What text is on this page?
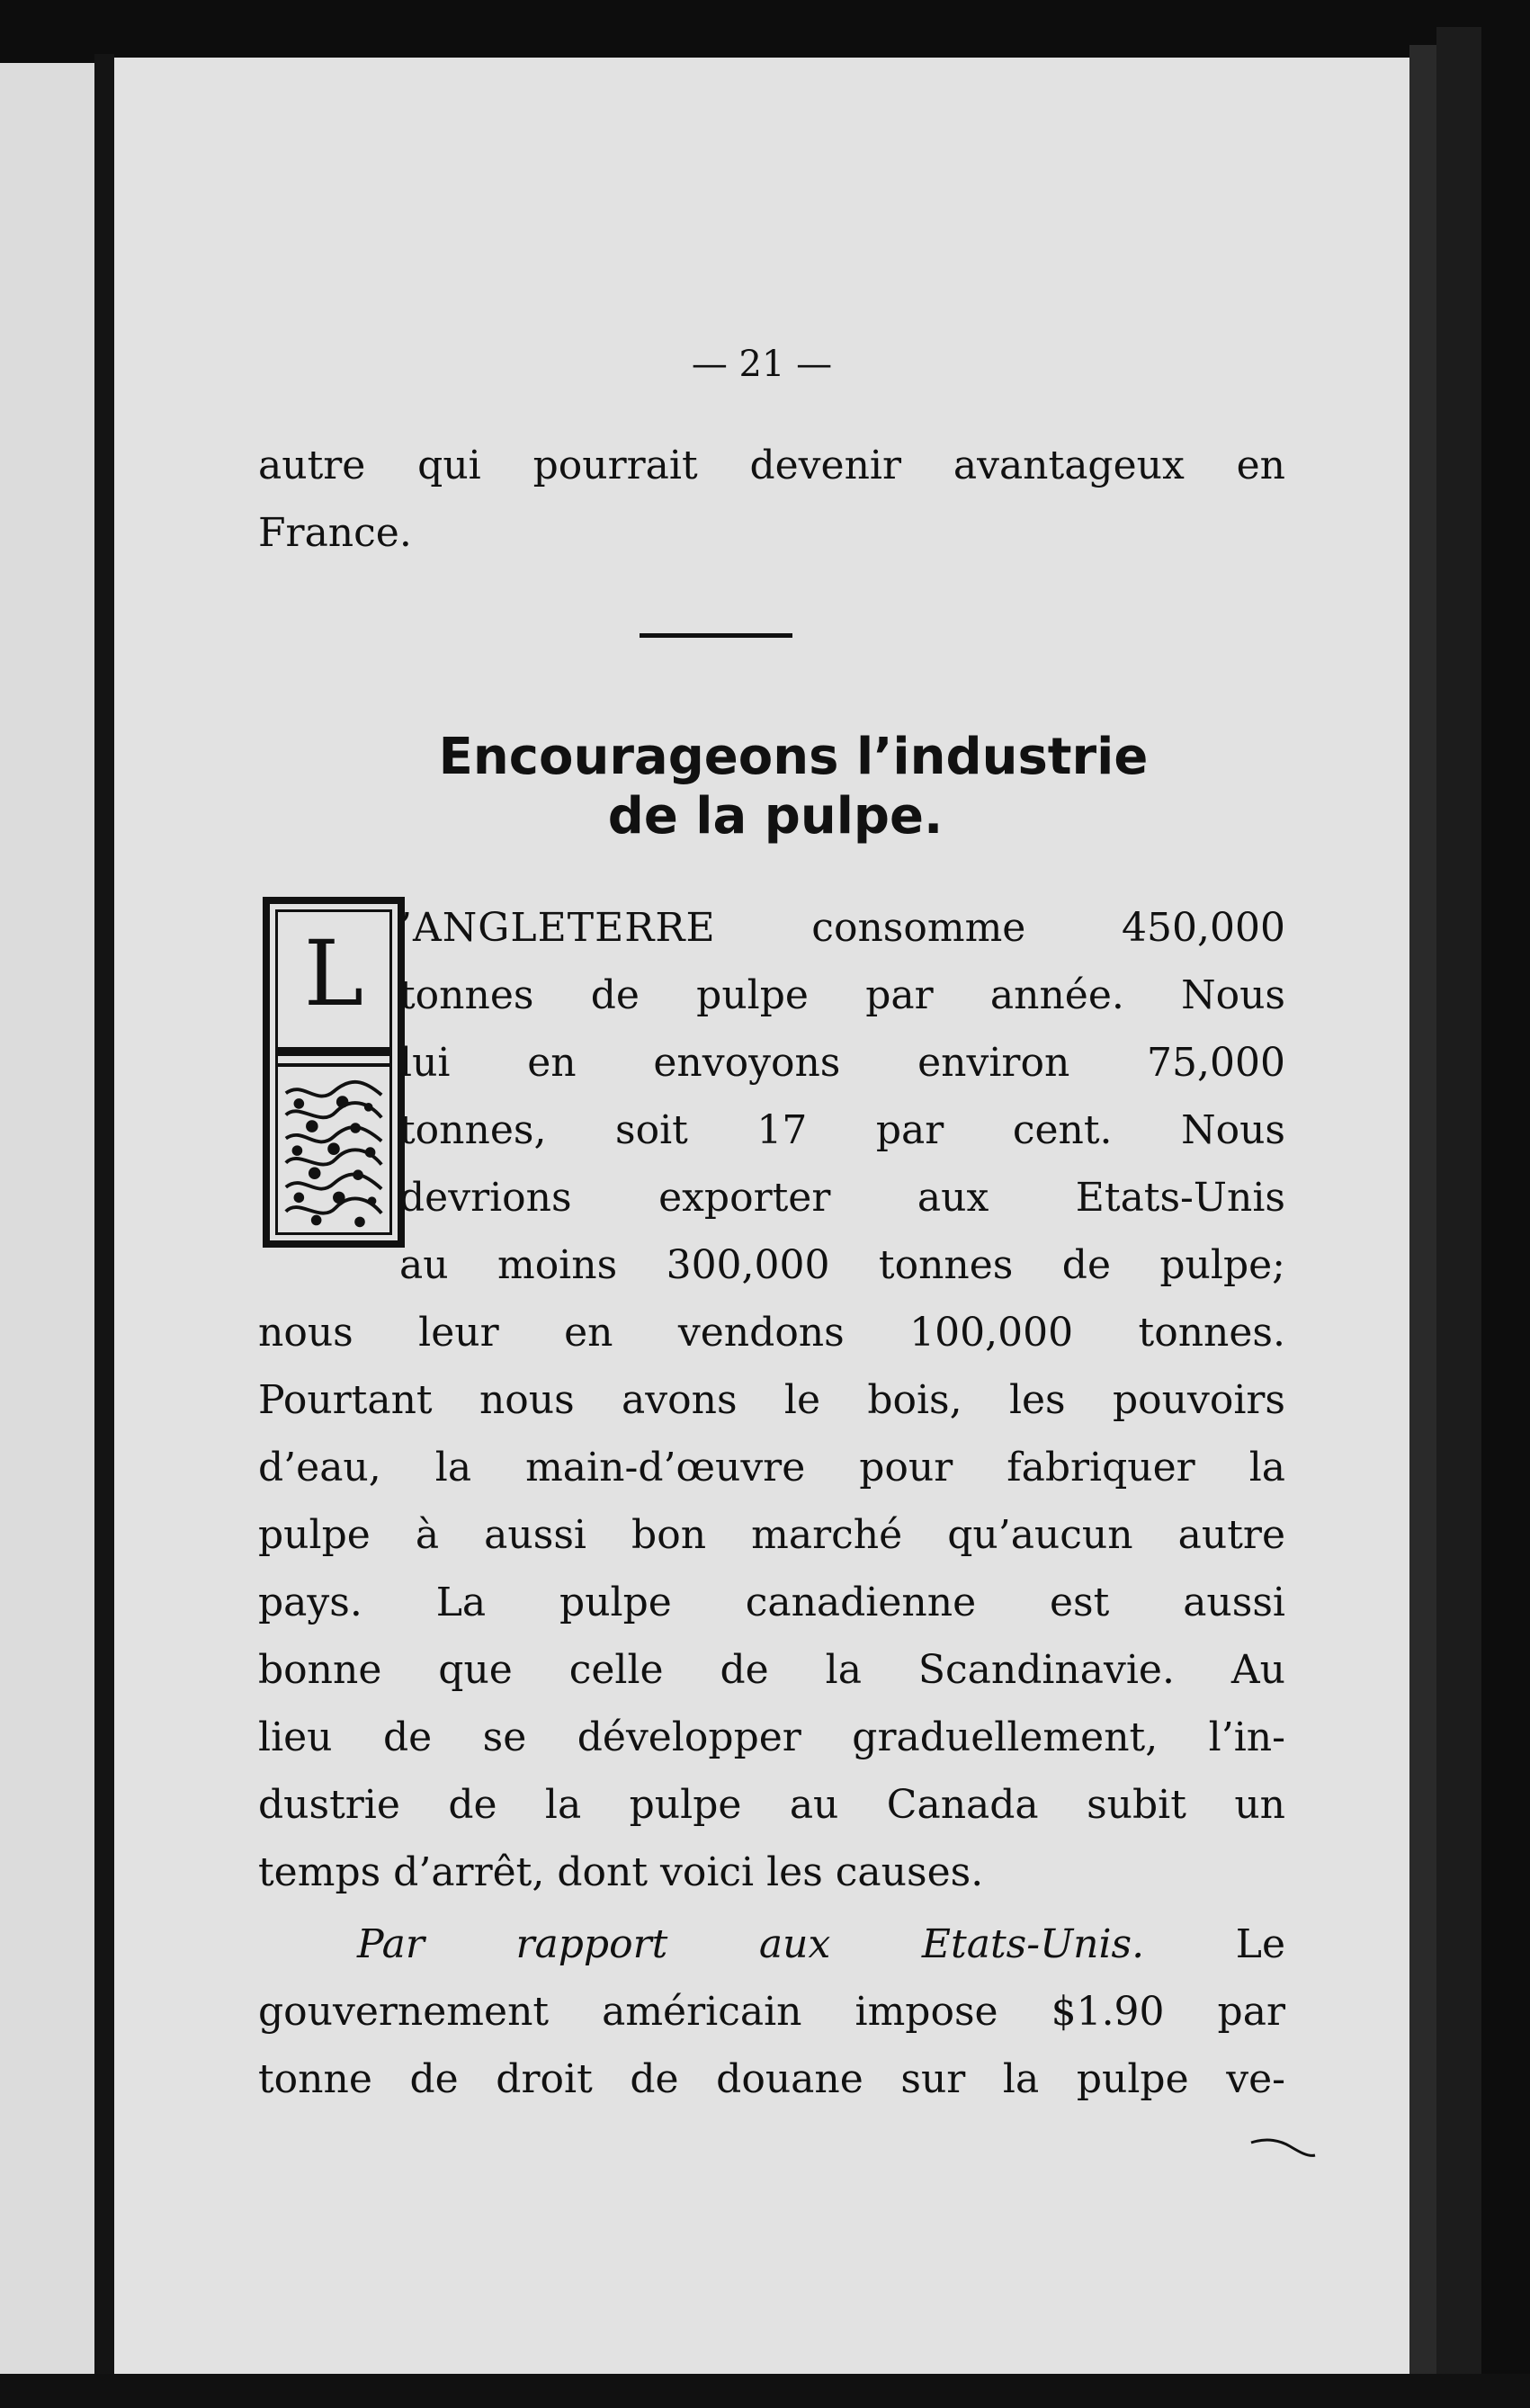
— 21 —
autre qui pourrait devenir avantageux en
France.
Encourageons l’industrie
de la pulpe.
L ’ANGLETERRE consomme 450,000
tonnes de pulpe par année. Nous
lui en envoyons environ 75,000
tonnes, soit 17 par cent. Nous
devrions exporter aux Etats-Unis
au moins 300,000 tonnes de pulpe;
nous leur en vendons 100,000 tonnes.
Pourtant nous avons le bois, les pouvoirs
d’eau, la main-d’œuvre pour fabriquer la
pulpe à aussi bon marché qu’aucun autre
pays. La pulpe canadienne est aussi
bonne que celle de la Scandinavie. Au
lieu de se développer graduellement, l’in-
dustrie de la pulpe au Canada subit un
temps d’arrêt, dont voici les causes.
Par rapport aux Etats-Unis. Le
gouvernement américain impose $1.90 par
tonne de droit de douane sur la pulpe ve-
